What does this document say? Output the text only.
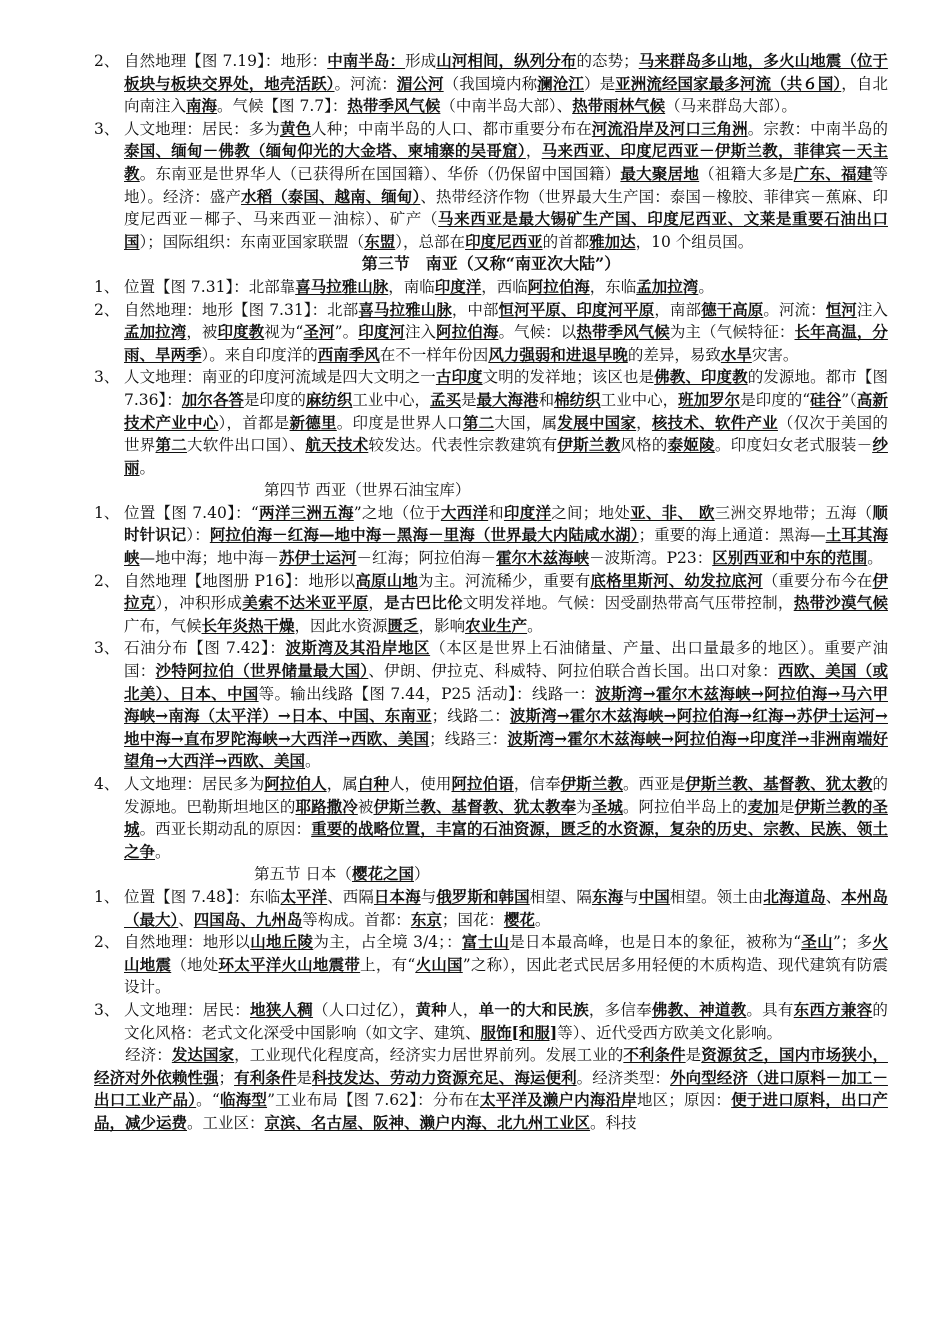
2、 自然地理【图 7.19】：地形：中南半岛：形成山河相间，纵列分布的态势；马来群岛多山地，多火山地震（位于板块与板块交界处，地壳活跃）。河流：湄公河（我国境内称澜沧江）是亚洲流经国家最多河流（共６国），自北向南注入南海。气候【图 7.7】：热带季风气候（中南半岛大部）、热带雨林气候（马来群岛大部）。

3、 人文地理：居民：多为黄色人种；中南半岛的人口、都市重要分布在河流沿岸及河口三角洲。宗教：中南半岛的泰国、缅甸－佛教（缅甸仰光的大金塔、柬埔寨的吴哥窟），马来西亚、印度尼西亚－伊斯兰教，菲律宾－天主教。东南亚是世界华人（已获得所在国国籍）、华侨（仍保留中国国籍）最大聚居地（祖籍大多是广东、福建等地）。经济：盛产水稻（泰国、越南、缅甸）、热带经济作物（世界最大生产国：泰国－橡胶、菲律宾－蕉麻、印度尼西亚－椰子、马来西亚－油棕）、矿产（马来西亚是最大锡矿生产国、印度尼西亚、文莱是重要石油出口国）；国际组织：东南亚国家联盟（东盟），总部在印度尼西亚的首都雅加达，10 个组员国。

第三节　南亚（又称“南亚次大陆”）

1、 位置【图 7.31】：北部靠喜马拉雅山脉，南临印度洋，西临阿拉伯海，东临孟加拉湾。

2、 自然地理：地形【图 7.31】：北部喜马拉雅山脉，中部恒河平原、印度河平原，南部德干高原。河流：恒河注入孟加拉湾，被印度教视为“圣河”。印度河注入阿拉伯海。气候：以热带季风气候为主（气候特征：长年高温，分雨、旱两季）。来自印度洋的西南季风在不一样年份因风力强弱和进退早晚的差异，易致水旱灾害。

3、 人文地理：南亚的印度河流域是四大文明之一古印度文明的发祥地；该区也是佛教、印度教的发源地。都市【图 7.36】：加尔各答是印度的麻纺织工业中心，孟买是最大海港和棉纺织工业中心，班加罗尔是印度的“硅谷”（高新技术产业中心），首都是新德里。印度是世界人口第二大国，属发展中国家，核技术、软件产业（仅次于美国的世界第二大软件出口国）、航天技术较发达。代表性宗教建筑有伊斯兰教风格的泰姬陵。印度妇女老式服装－纱丽。

第四节 西亚（世界石油宝库）

1、 位置【图 7.40】：“两洋三洲五海”之地（位于大西洋和印度洋之间；地处亚、非、 欧三洲交界地带；五海（顺时针识记）：阿拉伯海－红海—地中海－黑海－里海（世界最大内陆咸水湖）；重要的海上通道：黑海—土耳其海峡—地中海；地中海－苏伊士运河－红海；阿拉伯海－霍尔木兹海峡－波斯湾。P23：区别西亚和中东的范围。

2、 自然地理【地图册 P16】：地形以高原山地为主。河流稀少，重要有底格里斯河、幼发拉底河（重要分布今在伊拉克），冲积形成美索不达米亚平原，是古巴比伦文明发祥地。气候：因受副热带高气压带控制，热带沙漠气候广布，气候长年炎热干燥，因此水资源匮乏，影响农业生产。

3、 石油分布【图 7.42】：波斯湾及其沿岸地区（本区是世界上石油储量、产量、出口量最多的地区）。重要产油国：沙特阿拉伯（世界储量最大国）、伊朗、伊拉克、科威特、阿拉伯联合酋长国。出口对象：西欧、美国（或北美）、日本、中国等。输出线路【图 7.44，P25 活动】：线路一：波斯湾→霍尔木兹海峡→阿拉伯海→马六甲海峡→南海（太平洋）→日本、中国、东南亚；线路二：波斯湾→霍尔木兹海峡→阿拉伯海→红海→苏伊士运河→地中海→直布罗陀海峡→大西洋→西欧、美国；线路三：波斯湾→霍尔木兹海峡→阿拉伯海→印度洋→非洲南端好望角→大西洋→西欧、美国。

4、 人文地理：居民多为阿拉伯人，属白种人，使用阿拉伯语，信奉伊斯兰教。西亚是伊斯兰教、基督教、犹太教的发源地。巴勒斯坦地区的耶路撒冷被伊斯兰教、基督教、犹太教奉为圣城。阿拉伯半岛上的麦加是伊斯兰教的圣城。西亚长期动乱的原因：重要的战略位置，丰富的石油资源，匮乏的水资源，复杂的历史、宗教、民族、领土之争。

第五节 日本（樱花之国）

1、 位置【图 7.48】：东临太平洋、西隔日本海与俄罗斯和韩国相望、隔东海与中国相望。领土由北海道岛、本州岛（最大）、四国岛、九州岛等构成。首都：东京；国花：樱花。

2、 自然地理：地形以山地丘陵为主，占全境 3/4；：富士山是日本最高峰，也是日本的象征，被称为“圣山”；多火山地震（地处环太平洋火山地震带上，有“火山国”之称），因此老式民居多用轻便的木质构造、现代建筑有防震设计。

3、 人文地理：居民：地狭人稠（人口过亿），黄种人，单一的大和民族，多信奉佛教、神道教。具有东西方兼容的文化风格：老式文化深受中国影响（如文字、建筑、服饰[和服]等）、近代受西方欧美文化影响。

　　经济：发达国家，工业现代化程度高，经济实力居世界前列。发展工业的不利条件是资源贫乏，国内市场狭小，经济对外依赖性强；有利条件是科技发达、劳动力资源充足、海运便利。经济类型：外向型经济（进口原料－加工－出口工业产品）。“临海型”工业布局【图 7.62】：分布在太平洋及濑户内海沿岸地区；原因：便于进口原料，出口产品，减少运费。工业区：京滨、名古屋、阪神、濑户内海、北九州工业区。科技
